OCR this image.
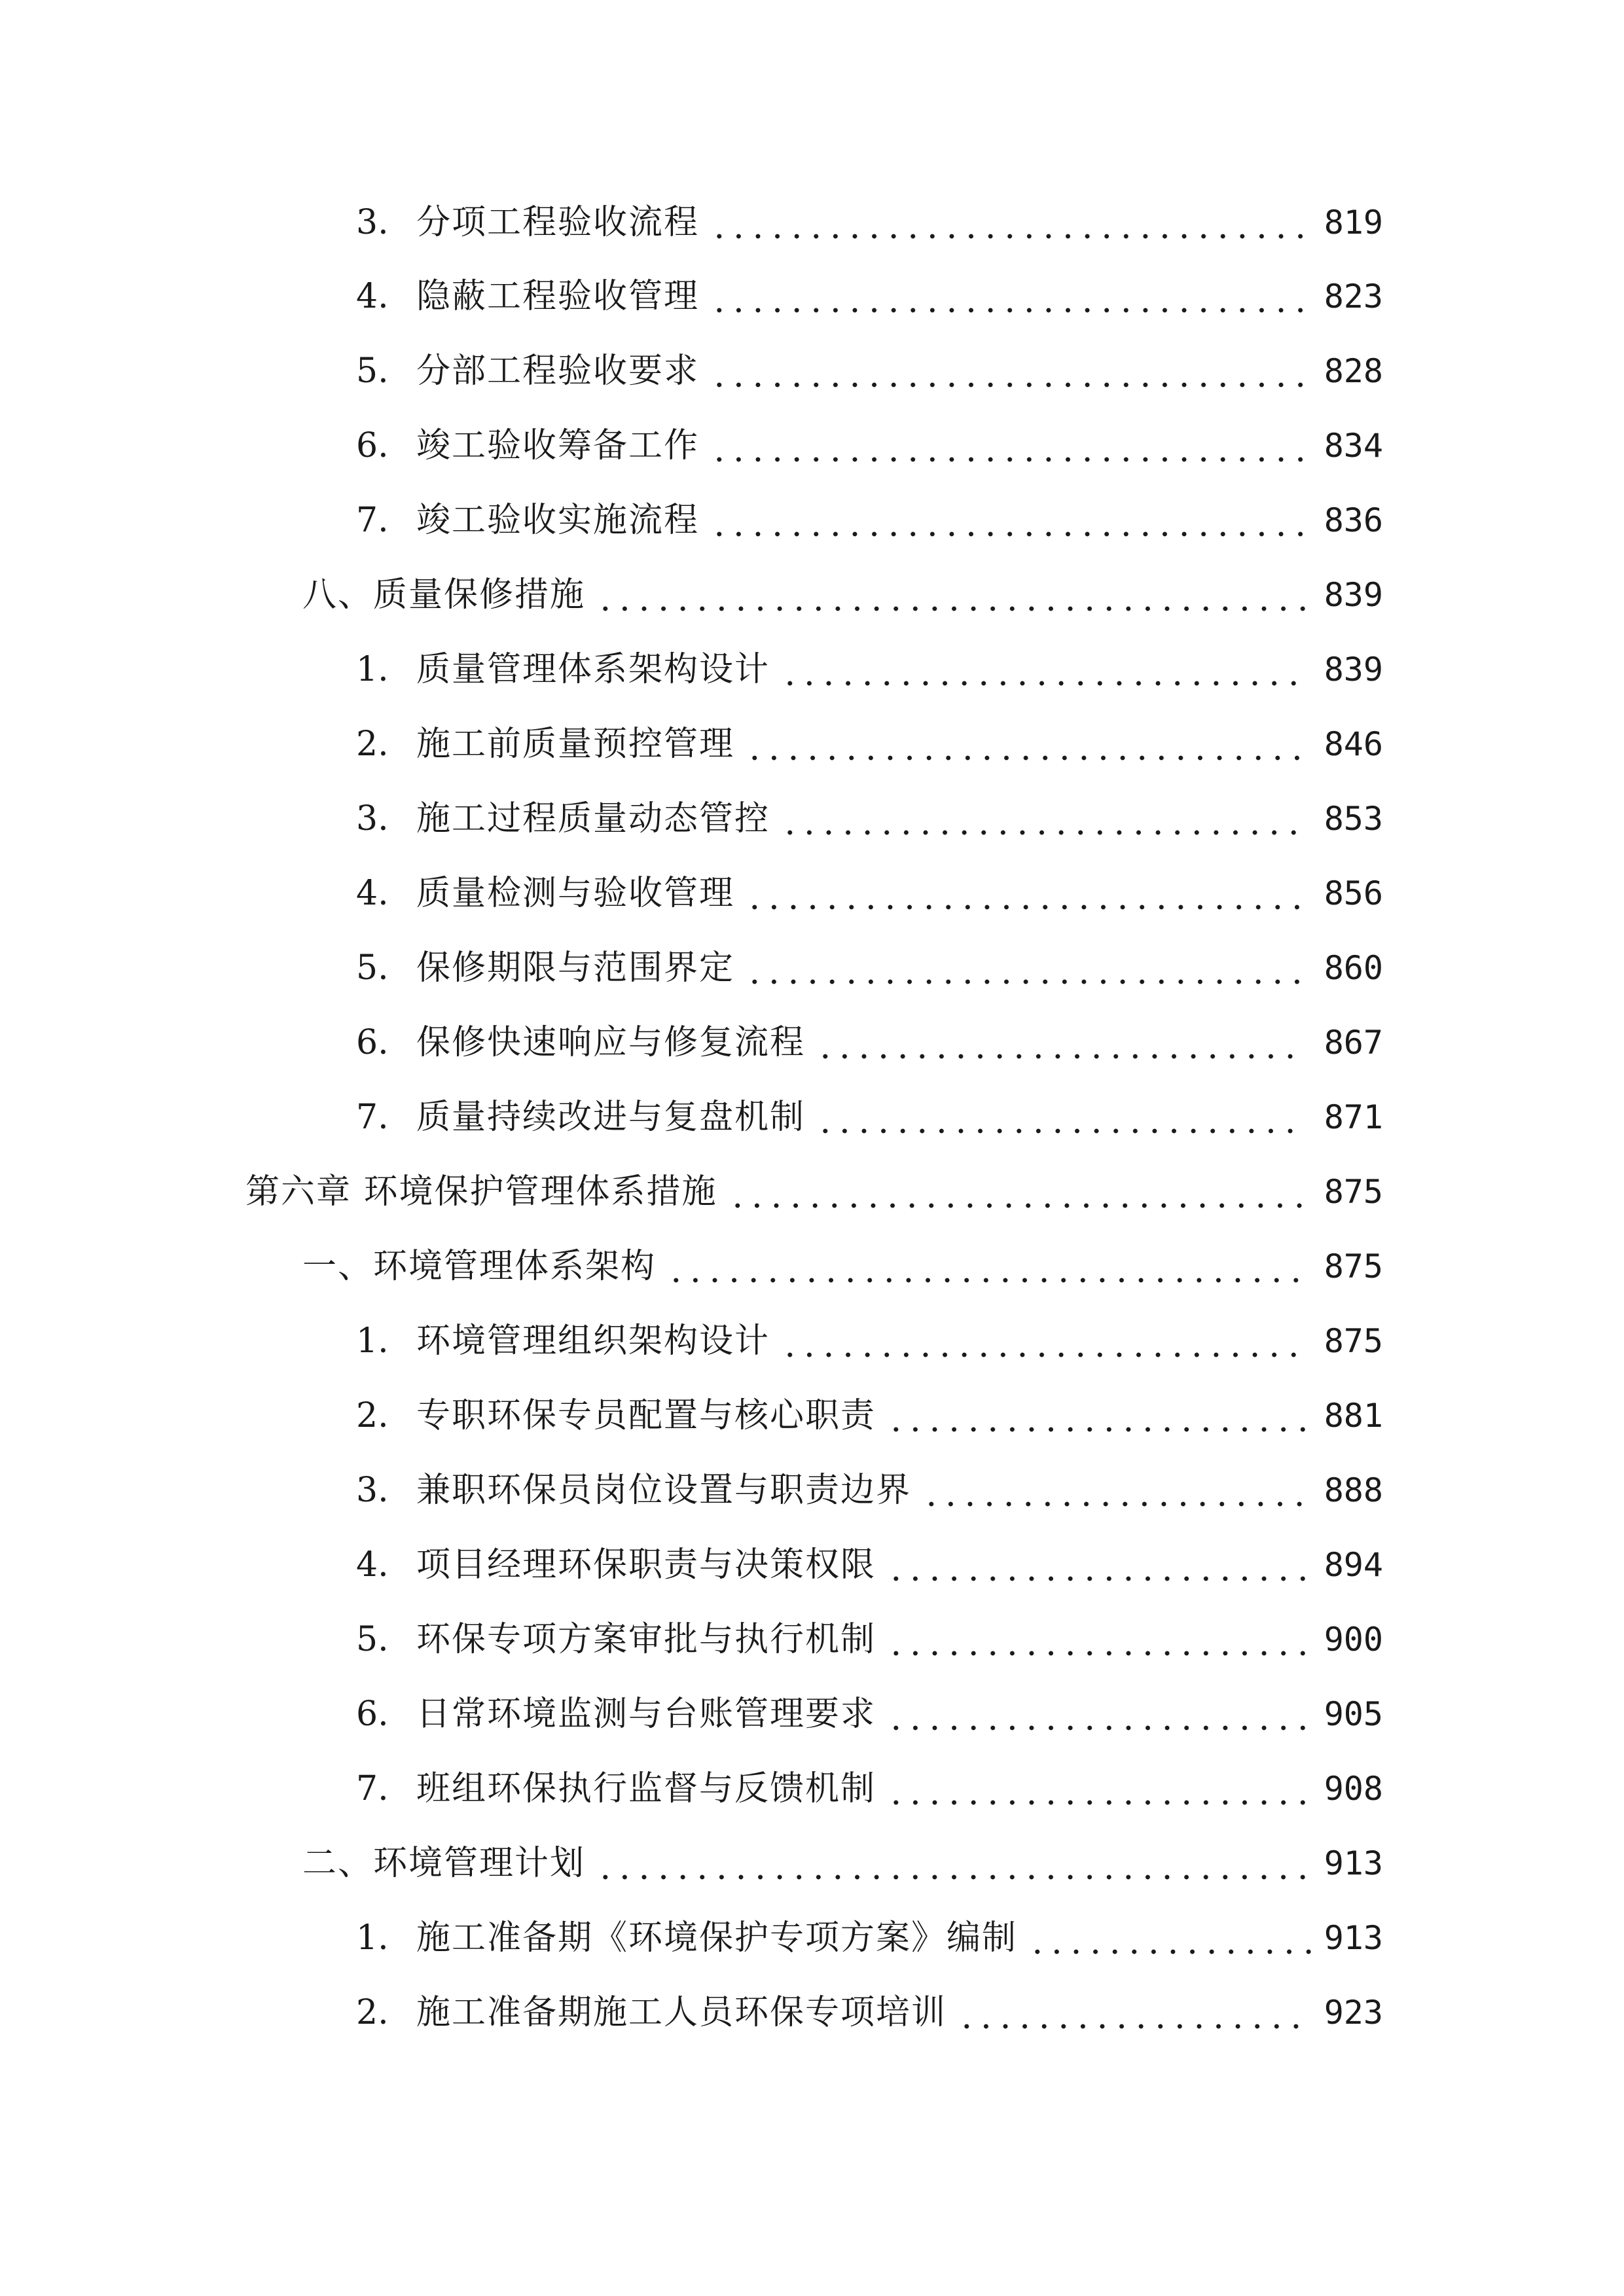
3. 分项工程验收流程	819
4. 隐蔽工程验收管理	823
5. 分部工程验收要求	828
6. 竣工验收筹备工作	834
7. 竣工验收实施流程	836
八、质量保修措施	839
1. 质量管理体系架构设计	839
2. 施工前质量预控管理	846
3. 施工过程质量动态管控	853
4. 质量检测与验收管理	856
5. 保修期限与范围界定	860
6. 保修快速响应与修复流程	867
7. 质量持续改进与复盘机制	871
第六章 环境保护管理体系措施	875
一、环境管理体系架构	875
1. 环境管理组织架构设计	875
2. 专职环保专员配置与核心职责	881
3. 兼职环保员岗位设置与职责边界	888
4. 项目经理环保职责与决策权限	894
5. 环保专项方案审批与执行机制	900
6. 日常环境监测与台账管理要求	905
7. 班组环保执行监督与反馈机制	908
二、环境管理计划	913
1. 施工准备期《环境保护专项方案》编制	913
2. 施工准备期施工人员环保专项培训	923
